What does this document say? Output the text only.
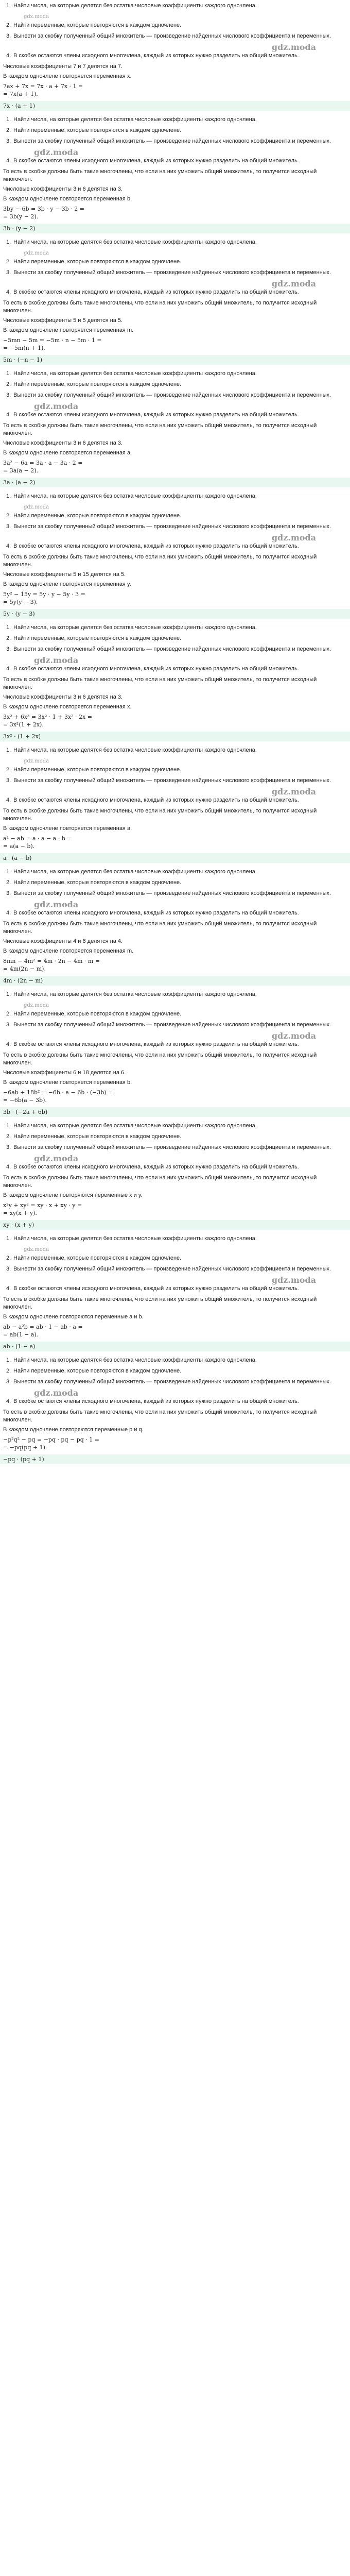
1. Найти числа, на которые делятся без остатка числовые коэффициенты каждого одночлена.
gdz.moda
2. Найти переменные, которые повторяются в каждом одночлене.
3. Вынести за скобку полученный общий множитель — произведение найденных числового коэффициента и переменных.
gdz.moda
4. В скобке остаются члены исходного многочлена, каждый из которых нужно разделить на общий множитель.
Числовые коэффициенты 7 и 7 делятся на 7.
В каждом одночлене повторяется переменная x.
7ax + 7x = 7x · a + 7x · 1 =
= 7x(a + 1).
7x · (a + 1)
1. Найти числа, на которые делятся без остатка числовые коэффициенты каждого одночлена.
2. Найти переменные, которые повторяются в каждом одночлене.
3. Вынести за скобку полученный общий множитель — произведение найденных числового коэффициента и переменных.
gdz.moda
4. В скобке остаются члены исходного многочлена, каждый из которых нужно разделить на общий множитель.
То есть в скобке должны быть такие многочлены, что если на них умножить общий множитель, то получится исходный многочлен.
Числовые коэффициенты 3 и 6 делятся на 3.
В каждом одночлене повторяется переменная b.
3by − 6b = 3b · y − 3b · 2 =
= 3b(y − 2).
3b · (y − 2)
1. Найти числа, на которые делятся без остатка числовые коэффициенты каждого одночлена.
gdz.moda
2. Найти переменные, которые повторяются в каждом одночлене.
3. Вынести за скобку полученный общий множитель — произведение найденных числового коэффициента и переменных.
gdz.moda
4. В скобке остаются члены исходного многочлена, каждый из которых нужно разделить на общий множитель.
То есть в скобке должны быть такие многочлены, что если на них умножить общий множитель, то получится исходный многочлен.
Числовые коэффициенты 5 и 5 делятся на 5.
В каждом одночлене повторяется переменная m.
−5mn − 5m = −5m · n − 5m · 1 =
= −5m(n + 1).
5m · (−n − 1)
1. Найти числа, на которые делятся без остатка числовые коэффициенты каждого одночлена.
2. Найти переменные, которые повторяются в каждом одночлене.
3. Вынести за скобку полученный общий множитель — произведение найденных числового коэффициента и переменных.
gdz.moda
4. В скобке остаются члены исходного многочлена, каждый из которых нужно разделить на общий множитель.
То есть в скобке должны быть такие многочлены, что если на них умножить общий множитель, то получится исходный многочлен.
Числовые коэффициенты 3 и 6 делятся на 3.
В каждом одночлене повторяется переменная a.
3a² − 6a = 3a · a − 3a · 2 =
= 3a(a − 2).
3a · (a − 2)
1. Найти числа, на которые делятся без остатка числовые коэффициенты каждого одночлена.
gdz.moda
2. Найти переменные, которые повторяются в каждом одночлене.
3. Вынести за скобку полученный общий множитель — произведение найденных числового коэффициента и переменных.
gdz.moda
4. В скобке остаются члены исходного многочлена, каждый из которых нужно разделить на общий множитель.
То есть в скобке должны быть такие многочлены, что если на них умножить общий множитель, то получится исходный многочлен.
Числовые коэффициенты 5 и 15 делятся на 5.
В каждом одночлене повторяется переменная y.
5y² − 15y = 5y · y − 5y · 3 =
= 5y(y − 3).
5y · (y − 3)
1. Найти числа, на которые делятся без остатка числовые коэффициенты каждого одночлена.
2. Найти переменные, которые повторяются в каждом одночлене.
3. Вынести за скобку полученный общий множитель — произведение найденных числового коэффициента и переменных.
gdz.moda
4. В скобке остаются члены исходного многочлена, каждый из которых нужно разделить на общий множитель.
То есть в скобке должны быть такие многочлены, что если на них умножить общий множитель, то получится исходный многочлен.
Числовые коэффициенты 3 и 6 делятся на 3.
В каждом одночлене повторяется переменная x.
3x² + 6x³ = 3x² · 1 + 3x² · 2x =
= 3x²(1 + 2x).
3x² · (1 + 2x)
1. Найти числа, на которые делятся без остатка числовые коэффициенты каждого одночлена.
gdz.moda
2. Найти переменные, которые повторяются в каждом одночлене.
3. Вынести за скобку полученный общий множитель — произведение найденных числового коэффициента и переменных.
gdz.moda
4. В скобке остаются члены исходного многочлена, каждый из которых нужно разделить на общий множитель.
То есть в скобке должны быть такие многочлены, что если на них умножить общий множитель, то получится исходный многочлен.
В каждом одночлене повторяется переменная a.
a² − ab = a · a − a · b =
= a(a − b).
a · (a − b)
1. Найти числа, на которые делятся без остатка числовые коэффициенты каждого одночлена.
2. Найти переменные, которые повторяются в каждом одночлене.
3. Вынести за скобку полученный общий множитель — произведение найденных числового коэффициента и переменных.
gdz.moda
4. В скобке остаются члены исходного многочлена, каждый из которых нужно разделить на общий множитель.
То есть в скобке должны быть такие многочлены, что если на них умножить общий множитель, то получится исходный многочлен.
Числовые коэффициенты 4 и 8 делятся на 4.
В каждом одночлене повторяется переменная m.
8mn − 4m² = 4m · 2n − 4m · m =
= 4m(2n − m).
4m · (2n − m)
1. Найти числа, на которые делятся без остатка числовые коэффициенты каждого одночлена.
gdz.moda
2. Найти переменные, которые повторяются в каждом одночлене.
3. Вынести за скобку полученный общий множитель — произведение найденных числового коэффициента и переменных.
gdz.moda
4. В скобке остаются члены исходного многочлена, каждый из которых нужно разделить на общий множитель.
То есть в скобке должны быть такие многочлены, что если на них умножить общий множитель, то получится исходный многочлен.
Числовые коэффициенты 6 и 18 делятся на 6.
В каждом одночлене повторяется переменная b.
−6ab + 18b² = −6b · a − 6b · (−3b) =
= −6b(a − 3b).
3b · (−2a + 6b)
1. Найти числа, на которые делятся без остатка числовые коэффициенты каждого одночлена.
2. Найти переменные, которые повторяются в каждом одночлене.
3. Вынести за скобку полученный общий множитель — произведение найденных числового коэффициента и переменных.
gdz.moda
4. В скобке остаются члены исходного многочлена, каждый из которых нужно разделить на общий множитель.
То есть в скобке должны быть такие многочлены, что если на них умножить общий множитель, то получится исходный многочлен.
В каждом одночлене повторяются переменные x и y.
x²y + xy² = xy · x + xy · y =
= xy(x + y).
xy · (x + y)
1. Найти числа, на которые делятся без остатка числовые коэффициенты каждого одночлена.
gdz.moda
2. Найти переменные, которые повторяются в каждом одночлене.
3. Вынести за скобку полученный общий множитель — произведение найденных числового коэффициента и переменных.
gdz.moda
4. В скобке остаются члены исходного многочлена, каждый из которых нужно разделить на общий множитель.
То есть в скобке должны быть такие многочлены, что если на них умножить общий множитель, то получится исходный многочлен.
В каждом одночлене повторяются переменные a и b.
ab − a²b = ab · 1 − ab · a =
= ab(1 − a).
ab · (1 − a)
1. Найти числа, на которые делятся без остатка числовые коэффициенты каждого одночлена.
2. Найти переменные, которые повторяются в каждом одночлене.
3. Вынести за скобку полученный общий множитель — произведение найденных числового коэффициента и переменных.
gdz.moda
4. В скобке остаются члены исходного многочлена, каждый из которых нужно разделить на общий множитель.
То есть в скобке должны быть такие многочлены, что если на них умножить общий множитель, то получится исходный многочлен.
В каждом одночлене повторяются переменные p и q.
−p²q² − pq = −pq · pq − pq · 1 =
= −pq(pq + 1).
−pq · (pq + 1)
